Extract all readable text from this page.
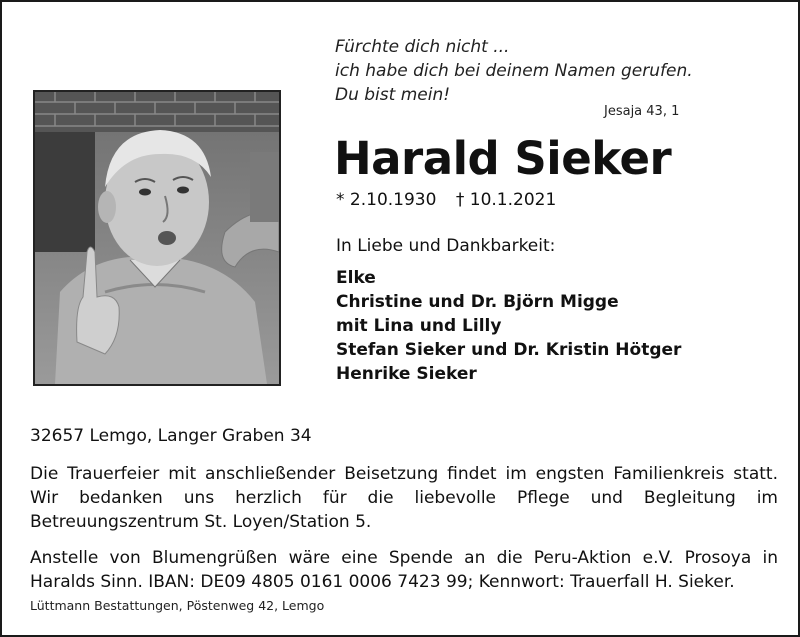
Fürchte dich nicht ...
ich habe dich bei deinem Namen gerufen.
Du bist mein!
Jesaja 43, 1
Harald Sieker
* 2.10.1930 † 10.1.2021
In Liebe und Dankbarkeit:
Elke
Christine und Dr. Björn Migge
mit Lina und Lilly
Stefan Sieker und Dr. Kristin Hötger
Henrike Sieker
32657 Lemgo, Langer Graben 34
Die Trauerfeier mit anschließender Beisetzung findet im engsten Familienkreis statt. Wir bedanken uns herzlich für die liebevolle Pflege und Begleitung im Betreuungszentrum St. Loyen/Station 5.
Anstelle von Blumengrüßen wäre eine Spende an die Peru-Aktion e.V. Prosoya in Haralds Sinn. IBAN: DE09 4805 0161 0006 7423 99; Kennwort: Trauerfall H. Sieker.
Lüttmann Bestattungen, Pöstenweg 42, Lemgo
